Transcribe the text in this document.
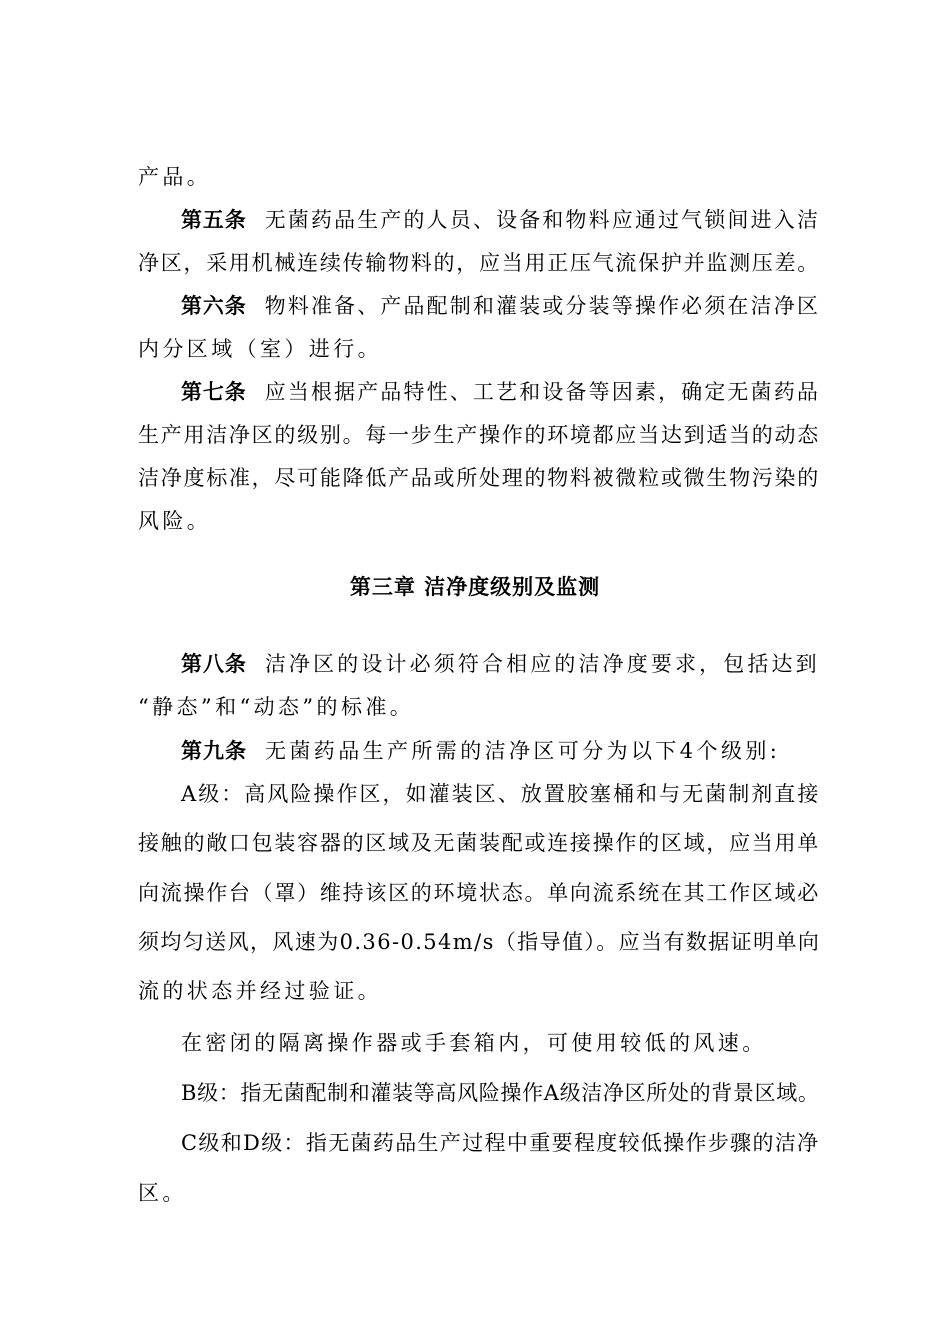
产品。
第五条 无菌药品生产的人员、设备和物料应通过气锁间进入洁
净区，采用机械连续传输物料的，应当用正压气流保护并监测压差。
第六条 物料准备、产品配制和灌装或分装等操作必须在洁净区
内分区域（室）进行。
第七条 应当根据产品特性、工艺和设备等因素，确定无菌药品
生产用洁净区的级别。每一步生产操作的环境都应当达到适当的动态
洁净度标准，尽可能降低产品或所处理的物料被微粒或微生物污染的
风险。
第三章 洁净度级别及监测
第八条 洁净区的设计必须符合相应的洁净度要求，包括达到
“静态”和“动态”的标准。
第九条 无菌药品生产所需的洁净区可分为以下4个级别:
A级：高风险操作区，如灌装区、放置胶塞桶和与无菌制剂直接
接触的敞口包装容器的区域及无菌装配或连接操作的区域，应当用单
向流操作台（罩）维持该区的环境状态。单向流系统在其工作区域必
须均匀送风，风速为0.36-0.54m/s（指导值）。应当有数据证明单向
流的状态并经过验证。
在密闭的隔离操作器或手套箱内，可使用较低的风速。
B级：指无菌配制和灌装等高风险操作A级洁净区所处的背景区域。
C级和D级：指无菌药品生产过程中重要程度较低操作步骤的洁净
区。
